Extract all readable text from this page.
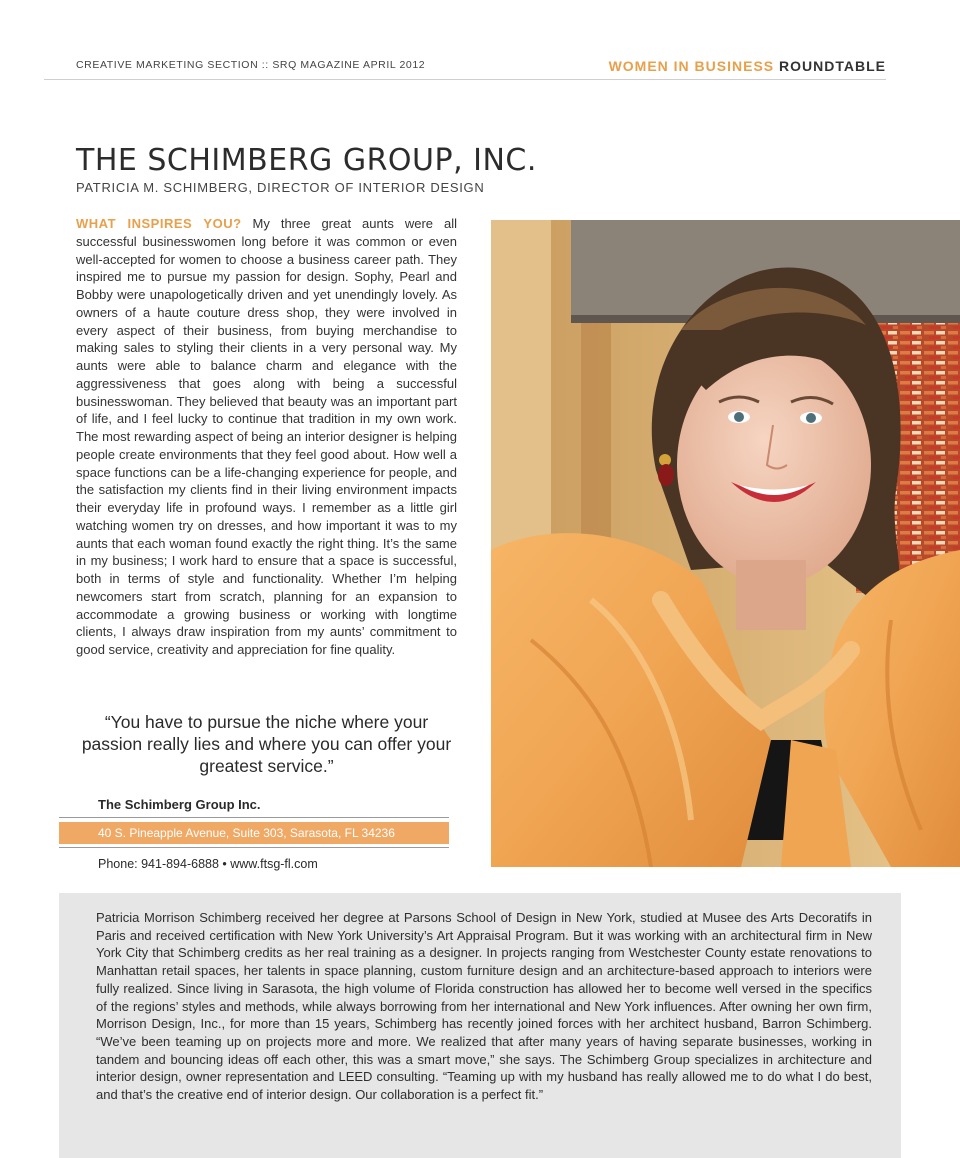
CREATIVE MARKETING SECTION :: SRQ MAGAZINE APRIL 2012	WOMEN IN BUSINESS ROUNDTABLE
THE SCHIMBERG GROUP, INC.
PATRICIA M. SCHIMBERG, DIRECTOR OF INTERIOR DESIGN
WHAT INSPIRES YOU? My three great aunts were all successful businesswomen long before it was common or even well-accepted for women to choose a business career path. They inspired me to pursue my passion for design. Sophy, Pearl and Bobby were unapologetically driven and yet unendingly lovely. As owners of a haute couture dress shop, they were involved in every aspect of their business, from buying merchandise to making sales to styling their clients in a very personal way. My aunts were able to balance charm and elegance with the aggressiveness that goes along with being a successful businesswoman. They believed that beauty was an important part of life, and I feel lucky to continue that tradition in my own work. The most rewarding aspect of being an interior designer is helping people create environments that they feel good about. How well a space functions can be a life-changing experience for people, and the satisfaction my clients find in their living environment impacts their everyday life in profound ways. I remember as a little girl watching women try on dresses, and how important it was to my aunts that each woman found exactly the right thing. It’s the same in my business; I work hard to ensure that a space is successful, both in terms of style and functionality. Whether I’m helping newcomers start from scratch, planning for an expansion to accommodate a growing business or working with longtime clients, I always draw inspiration from my aunts’ commitment to good service, creativity and appreciation for fine quality.
“You have to pursue the niche where your passion really lies and where you can offer your greatest service.”
The Schimberg Group Inc.
40 S. Pineapple Avenue, Suite 303, Sarasota, FL 34236
Phone: 941-894-6888 • www.ftsg-fl.com

Patricia Morrison Schimberg received her degree at Parsons School of Design in New York, studied at Musee des Arts Decoratifs in Paris and received certification with New York University’s Art Appraisal Program. But it was working with an architectural firm in New York City that Schimberg credits as her real training as a designer. In projects ranging from Westchester County estate renovations to Manhattan retail spaces, her talents in space planning, custom furniture design and an architecture-based approach to interiors were fully realized. Since living in Sarasota, the high volume of Florida construction has allowed her to become well versed in the specifics of the regions’ styles and methods, while always borrowing from her international and New York influences. After owning her own firm, Morrison Design, Inc., for more than 15 years, Schimberg has recently joined forces with her architect husband, Barron Schimberg. “We’ve been teaming up on projects more and more. We realized that after many years of having separate businesses, working in tandem and bouncing ideas off each other, this was a smart move,” she says. The Schimberg Group specializes in architecture and interior design, owner representation and LEED consulting. “Teaming up with my husband has really allowed me to do what I do best, and that’s the creative end of interior design. Our collaboration is a perfect fit.”
